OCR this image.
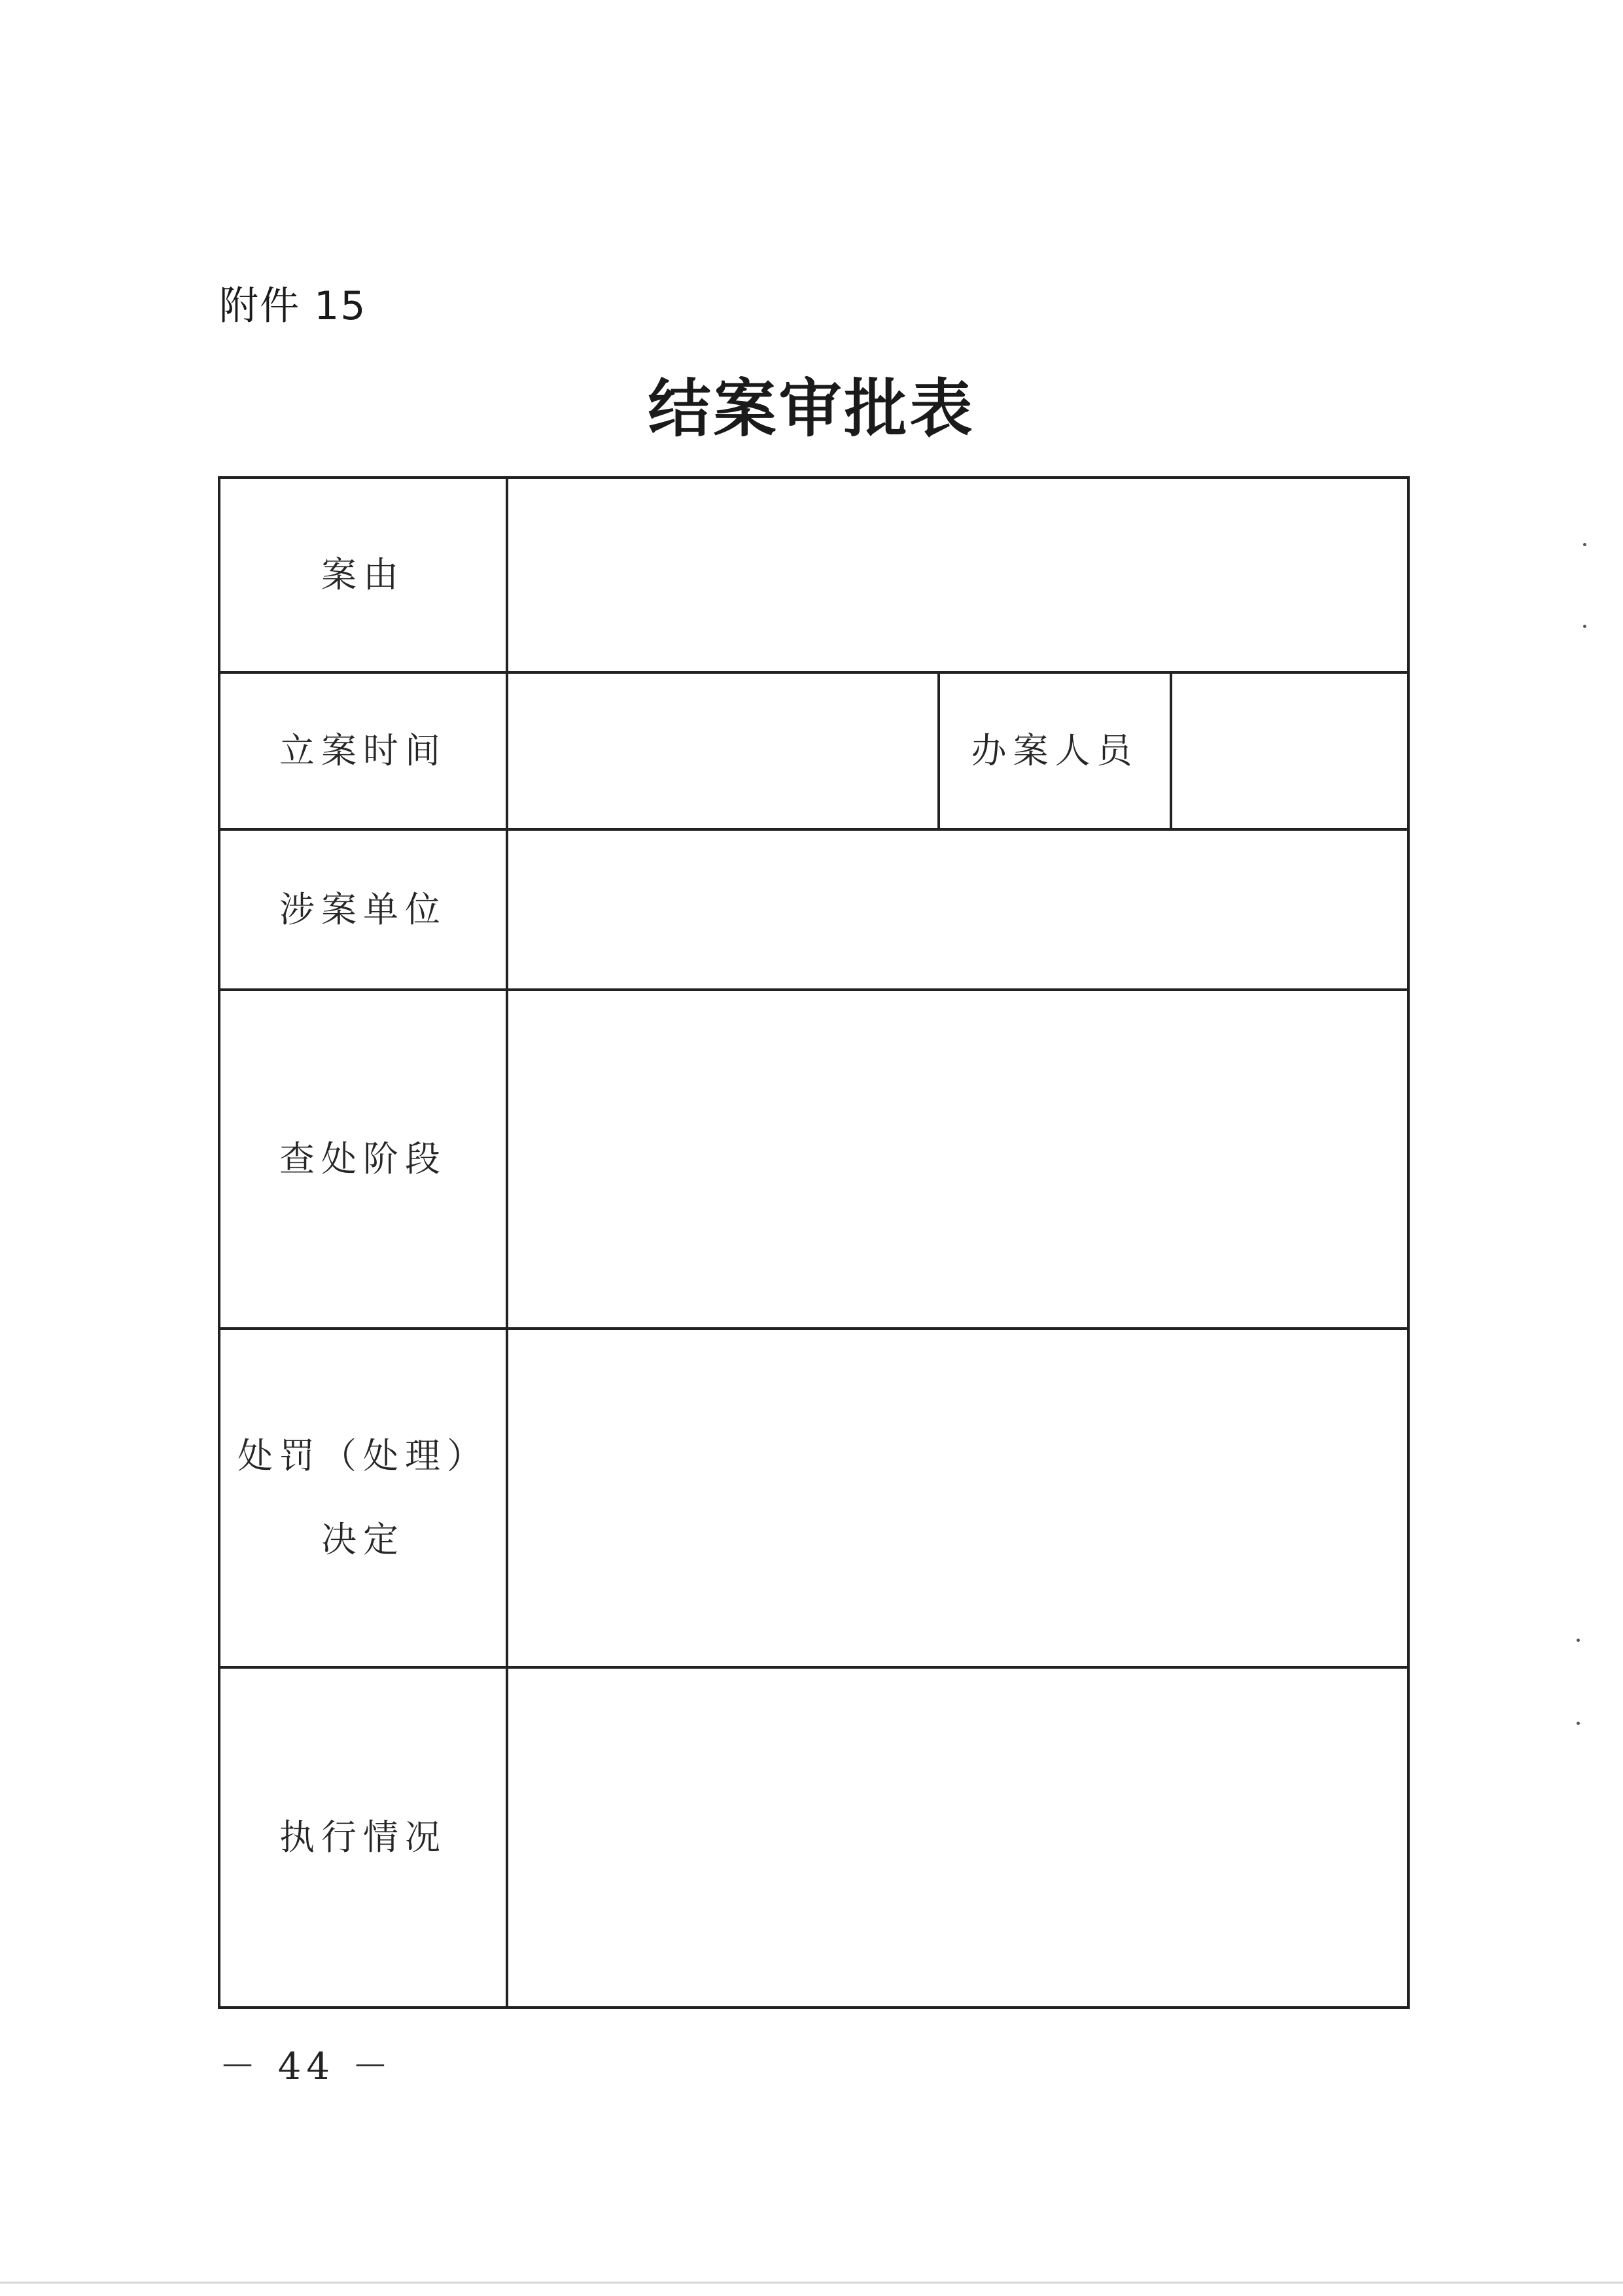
附件 15
结案审批表
案由			
立案时间		办案人员	
涉案单位			
查处阶段			

处罚（处理）
决定			

执行情况			
－ 44 －
